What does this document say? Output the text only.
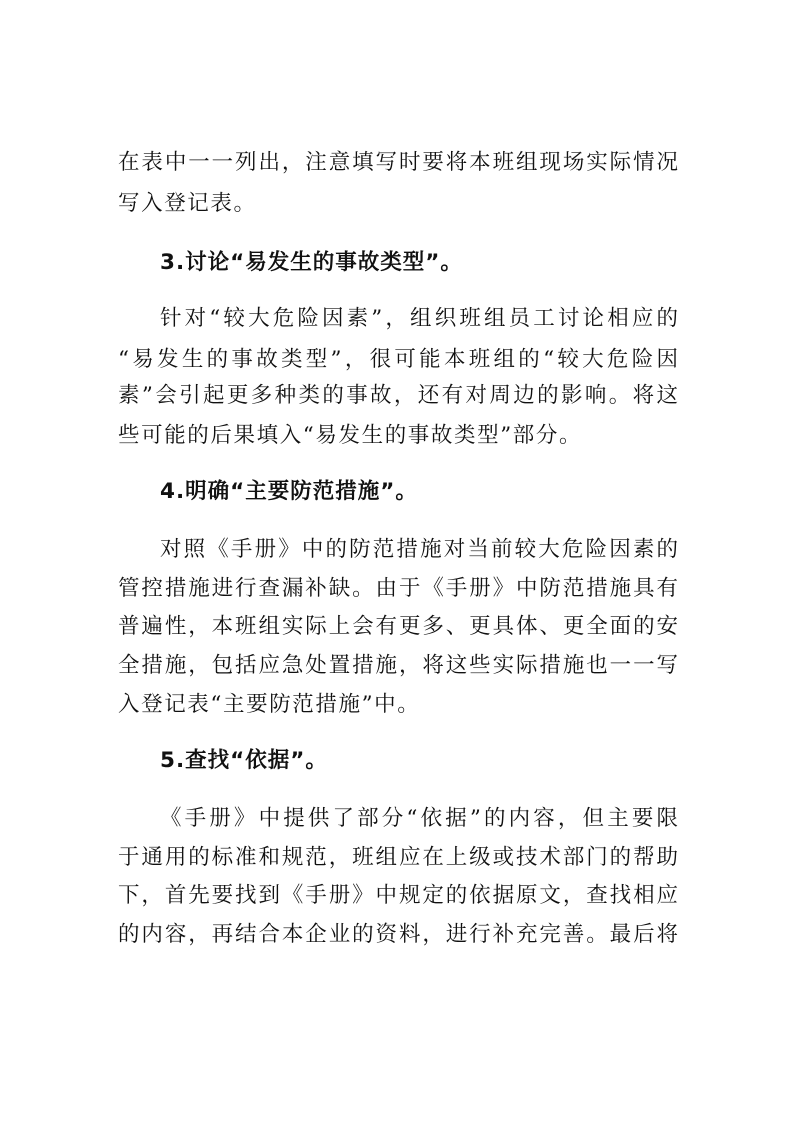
在表中一一列出，注意填写时要将本班组现场实际情况
写入登记表。
3.讨论“易发生的事故类型”。
针对“较大危险因素”，组织班组员工讨论相应的
“易发生的事故类型”，很可能本班组的“较大危险因
素”会引起更多种类的事故，还有对周边的影响。将这
些可能的后果填入“易发生的事故类型”部分。
4.明确“主要防范措施”。
对照《手册》中的防范措施对当前较大危险因素的
管控措施进行查漏补缺。由于《手册》中防范措施具有
普遍性，本班组实际上会有更多、更具体、更全面的安
全措施，包括应急处置措施，将这些实际措施也一一写
入登记表“主要防范措施”中。
5.查找“依据”。
《手册》中提供了部分“依据”的内容，但主要限
于通用的标准和规范，班组应在上级或技术部门的帮助
下，首先要找到《手册》中规定的依据原文，查找相应
的内容，再结合本企业的资料，进行补充完善。最后将
